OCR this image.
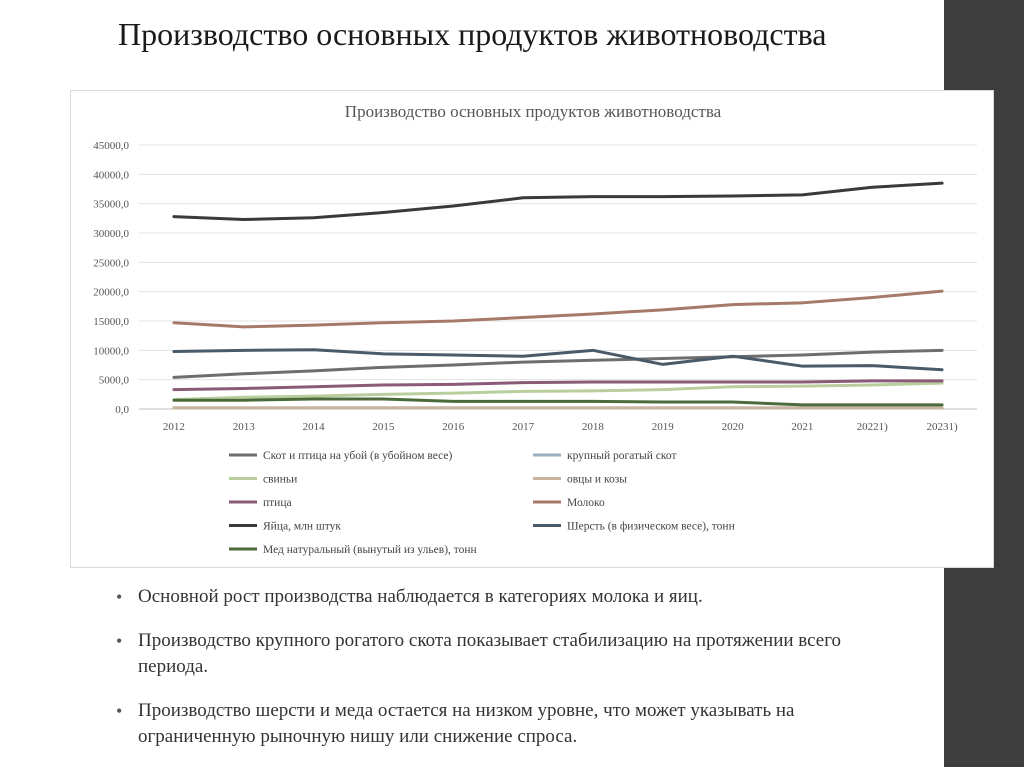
Производство основных продуктов животноводства
Производство основных продуктов животноводства
0,0
5000,0
10000,0
15000,0
20000,0
25000,0
30000,0
35000,0
40000,0
45000,0
2012	2013	2014	2015	2016	2017	2018	2019	2020	2021	20221)	20231)
Скот и птица на убой (в убойном весе)	крупный рогатый скот
свиньи	овцы и козы
птица	Молоко
Яйца, млн штук	Шерсть (в физическом весе), тонн
Мед натуральный (вынутый из ульев), тонн
• Основной рост производства наблюдается в категориях молока и яиц.
• Производство крупного рогатого скота показывает стабилизацию на протяжении всего периода.
• Производство шерсти и меда остается на низком уровне, что может указывать на ограниченную рыночную нишу или снижение спроса.
